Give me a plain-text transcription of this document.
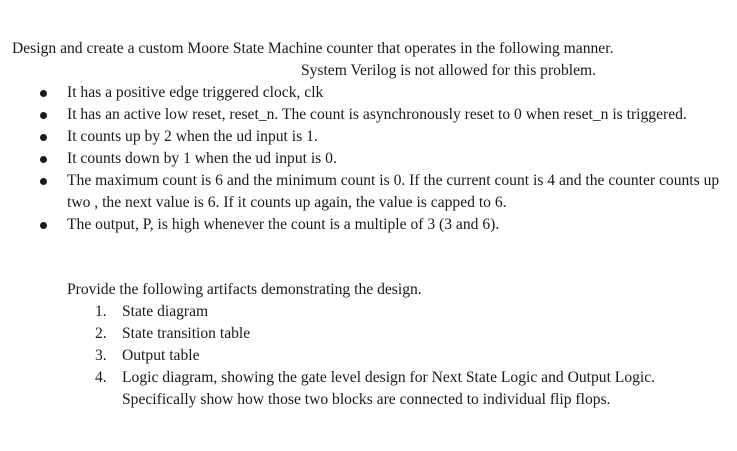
Design and create a custom Moore State Machine counter that operates in the following manner.
System Verilog is not allowed for this problem.
It has a positive edge triggered clock, clk
It has an active low reset, reset_n. The count is asynchronously reset to 0 when reset_n is triggered.
It counts up by 2 when the ud input is 1.
It counts down by 1 when the ud input is 0.
The maximum count is 6 and the minimum count is 0. If the current count is 4 and the counter counts up two , the next value is 6. If it counts up again, the value is capped to 6.
The output, P, is high whenever the count is a multiple of 3 (3 and 6).
Provide the following artifacts demonstrating the design.
1. State diagram
2. State transition table
3. Output table
4. Logic diagram, showing the gate level design for Next State Logic and Output Logic. Specifically show how those two blocks are connected to individual flip flops.
